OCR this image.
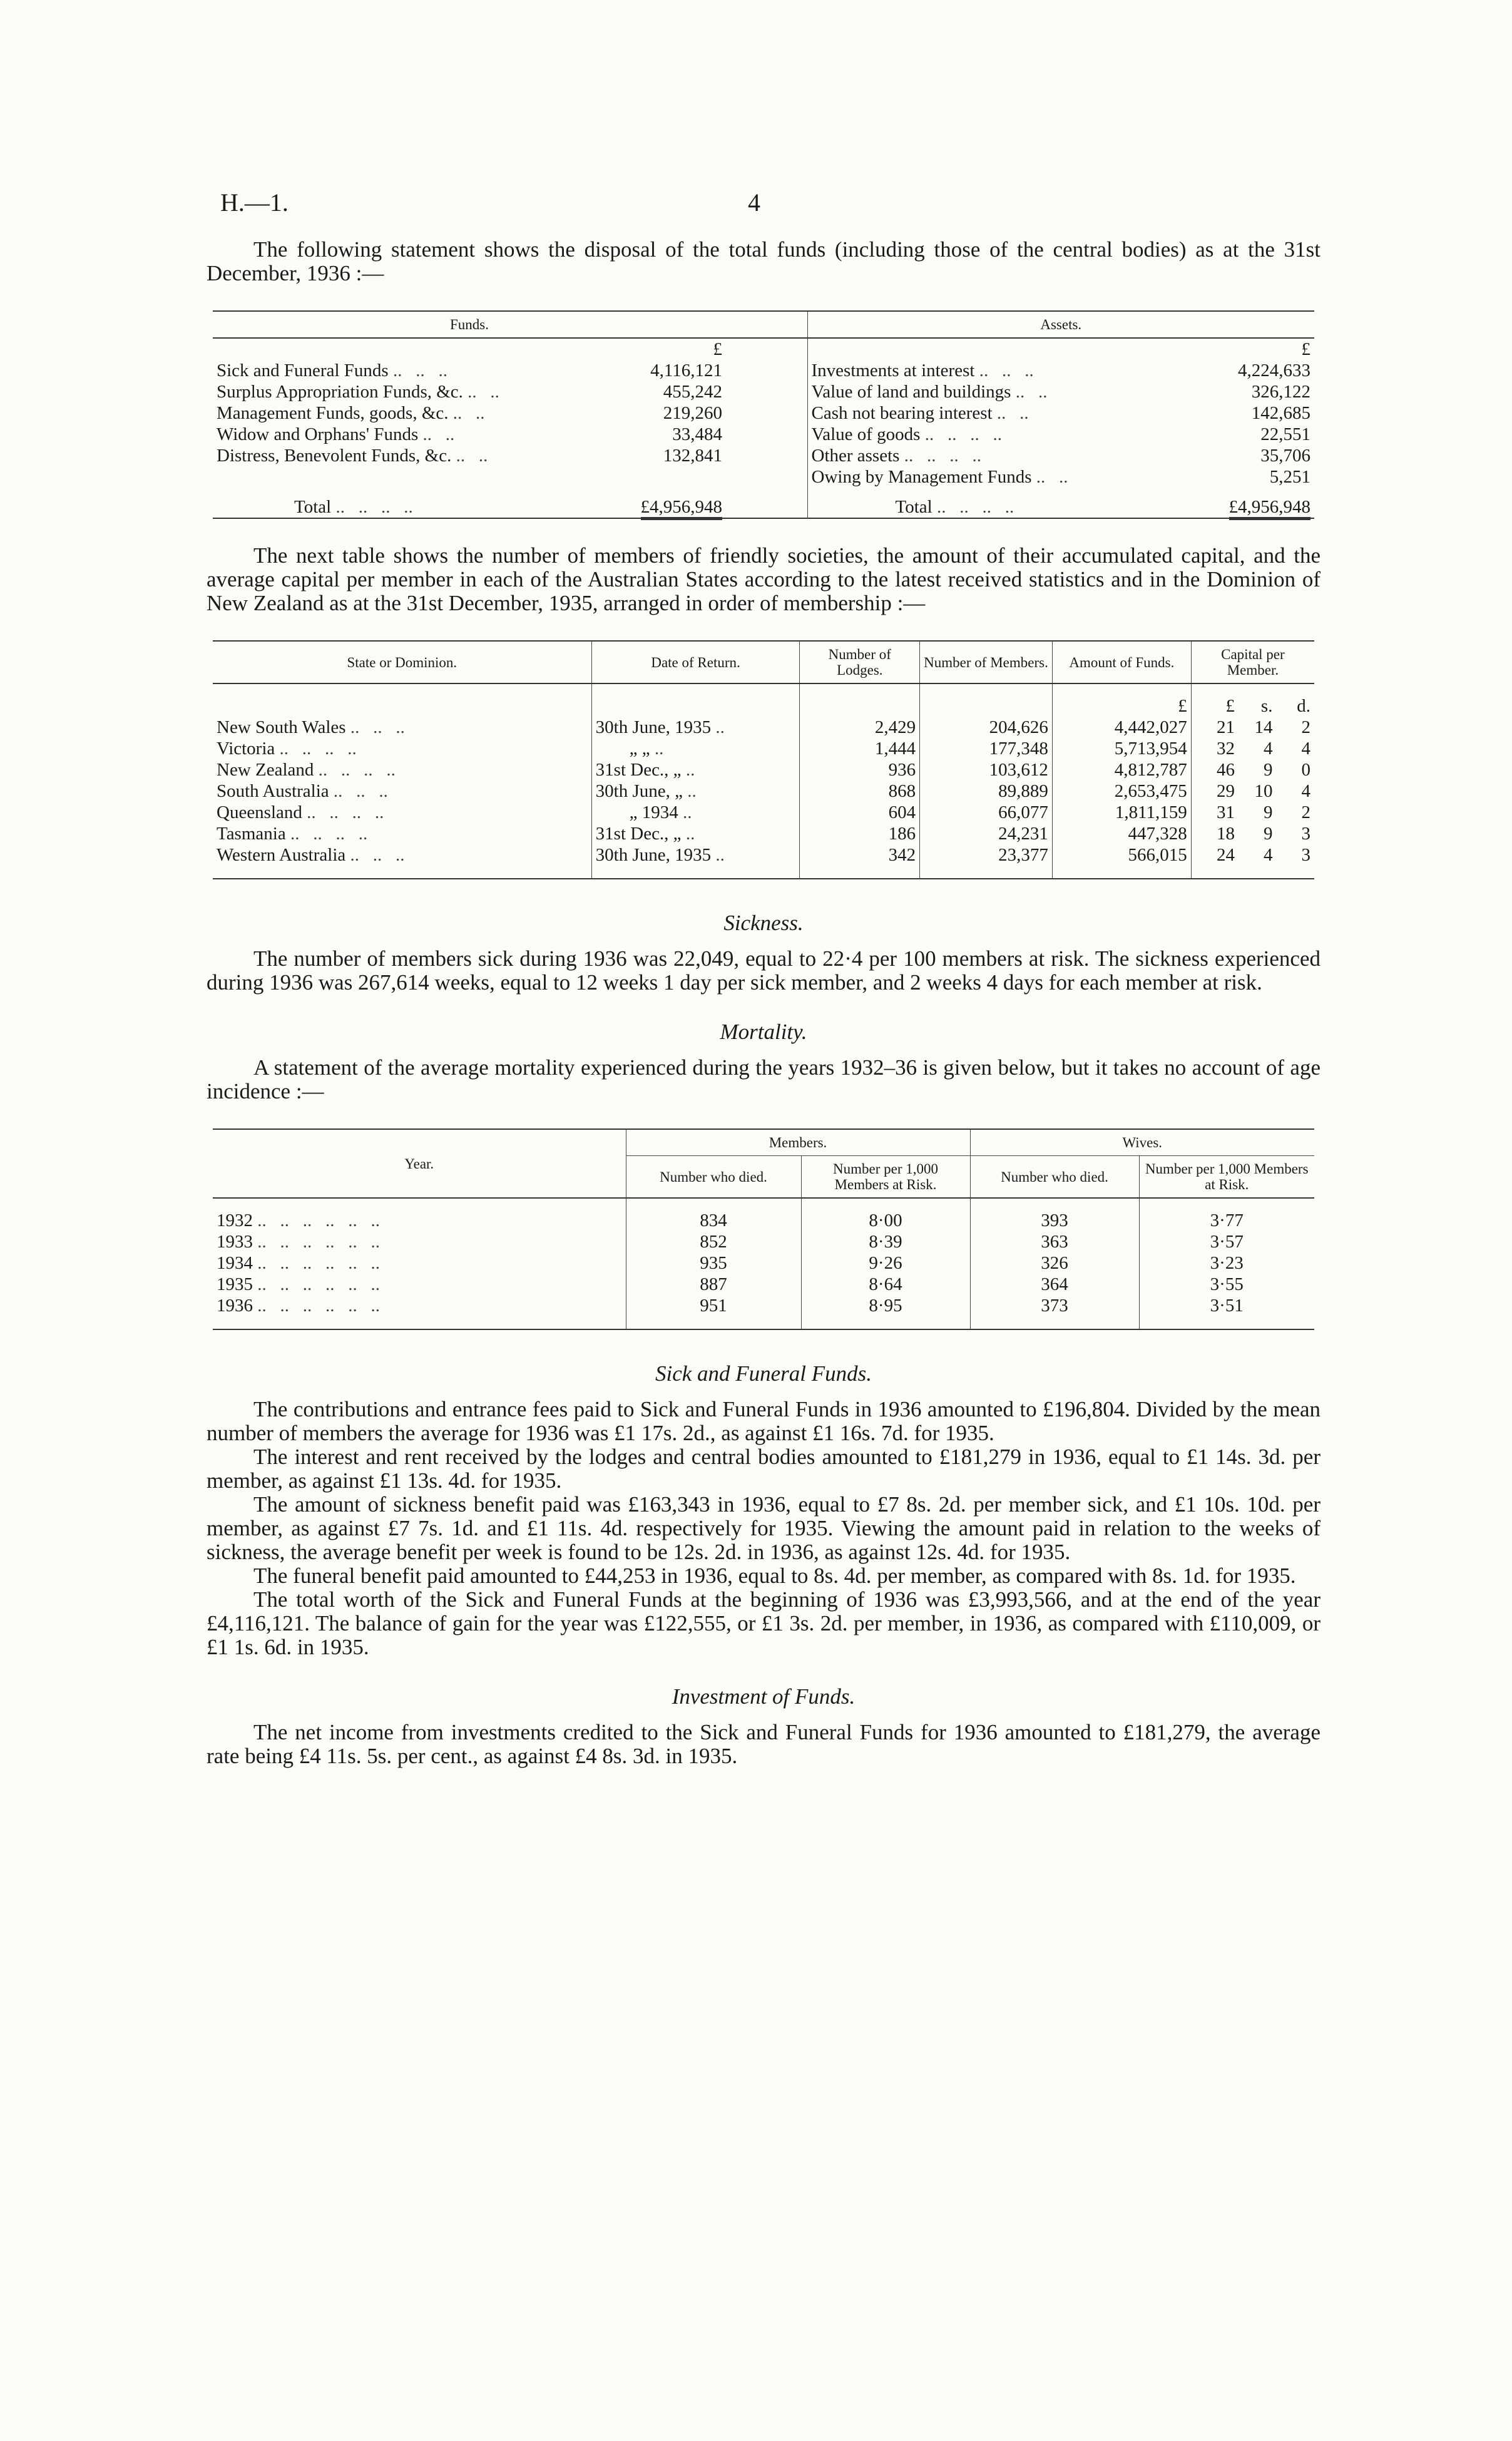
H.—1.	4

The following statement shows the disposal of the total funds (including those of the central bodies) as at the 31st December, 1936 :—

Funds.			Assets.	
	£			£
Sick and Funeral Funds ..   ..   ..	4,116,121		Investments at interest ..   ..   ..	4,224,633
Surplus Appropriation Funds, &c. ..   ..	455,242		Value of land and buildings ..   ..	326,122
Management Funds, goods, &c. ..   ..	219,260		Cash not bearing interest ..   ..	142,685
Widow and Orphans' Funds ..   ..	33,484		Value of goods ..   ..   ..   ..	22,551
Distress, Benevolent Funds, &c. ..   ..	132,841		Other assets ..   ..   ..   ..	35,706
			Owing by Management Funds ..   ..	5,251
Total ..   ..   ..   ..	£4,956,948		Total ..   ..   ..   ..	£4,956,948

The next table shows the number of members of friendly societies, the amount of their accumulated capital, and the average capital per member in each of the Australian States according to the latest received statistics and in the Dominion of New Zealand as at the 31st December, 1935, arranged in order of membership :—

State or Dominion.	Date of Return.	Number of Lodges.	Number of Members.	Amount of Funds.	Capital per Member.		

				£	£	s.	d.
New South Wales ..   ..   ..	30th June, 1935 ..	2,429	204,626	4,442,027	21	14	2
Victoria ..   ..   ..   ..	„ „ ..	1,444	177,348	5,713,954	32	4	4
New Zealand ..   ..   ..   ..	31st Dec., „ ..	936	103,612	4,812,787	46	9	0
South Australia ..   ..   ..	30th June, „ ..	868	89,889	2,653,475	29	10	4
Queensland ..   ..   ..   ..	„ 1934 ..	604	66,077	1,811,159	31	9	2
Tasmania ..   ..   ..   ..	31st Dec., „ ..	186	24,231	447,328	18	9	3
Western Australia ..   ..   ..	30th June, 1935 ..	342	23,377	566,015	24	4	3
Sickness.

The number of members sick during 1936 was 22,049, equal to 22·4 per 100 members at risk. The sickness experienced during 1936 was 267,614 weeks, equal to 12 weeks 1 day per sick member, and 2 weeks 4 days for each member at risk.

Mortality.

A statement of the average mortality experienced during the years 1932–36 is given below, but it takes no account of age incidence :—

Year.	Members.		Wives.	
	Number who died.	Number per 1,000 Members at Risk.	Number who died.	Number per 1,000 Members at Risk.

1932 ..   ..   ..   ..   ..   ..	834	8·00	393	3·77
1933 ..   ..   ..   ..   ..   ..	852	8·39	363	3·57
1934 ..   ..   ..   ..   ..   ..	935	9·26	326	3·23
1935 ..   ..   ..   ..   ..   ..	887	8·64	364	3·55
1936 ..   ..   ..   ..   ..   ..	951	8·95	373	3·51
Sick and Funeral Funds.

The contributions and entrance fees paid to Sick and Funeral Funds in 1936 amounted to £196,804. Divided by the mean number of members the average for 1936 was £1 17s. 2d., as against £1 16s. 7d. for 1935.

The interest and rent received by the lodges and central bodies amounted to £181,279 in 1936, equal to £1 14s. 3d. per member, as against £1 13s. 4d. for 1935.

The amount of sickness benefit paid was £163,343 in 1936, equal to £7 8s. 2d. per member sick, and £1 10s. 10d. per member, as against £7 7s. 1d. and £1 11s. 4d. respectively for 1935. Viewing the amount paid in relation to the weeks of sickness, the average benefit per week is found to be 12s. 2d. in 1936, as against 12s. 4d. for 1935.

The funeral benefit paid amounted to £44,253 in 1936, equal to 8s. 4d. per member, as compared with 8s. 1d. for 1935.

The total worth of the Sick and Funeral Funds at the beginning of 1936 was £3,993,566, and at the end of the year £4,116,121. The balance of gain for the year was £122,555, or £1 3s. 2d. per member, in 1936, as compared with £110,009, or £1 1s. 6d. in 1935.

Investment of Funds.

The net income from investments credited to the Sick and Funeral Funds for 1936 amounted to £181,279, the average rate being £4 11s. 5s. per cent., as against £4 8s. 3d. in 1935.
